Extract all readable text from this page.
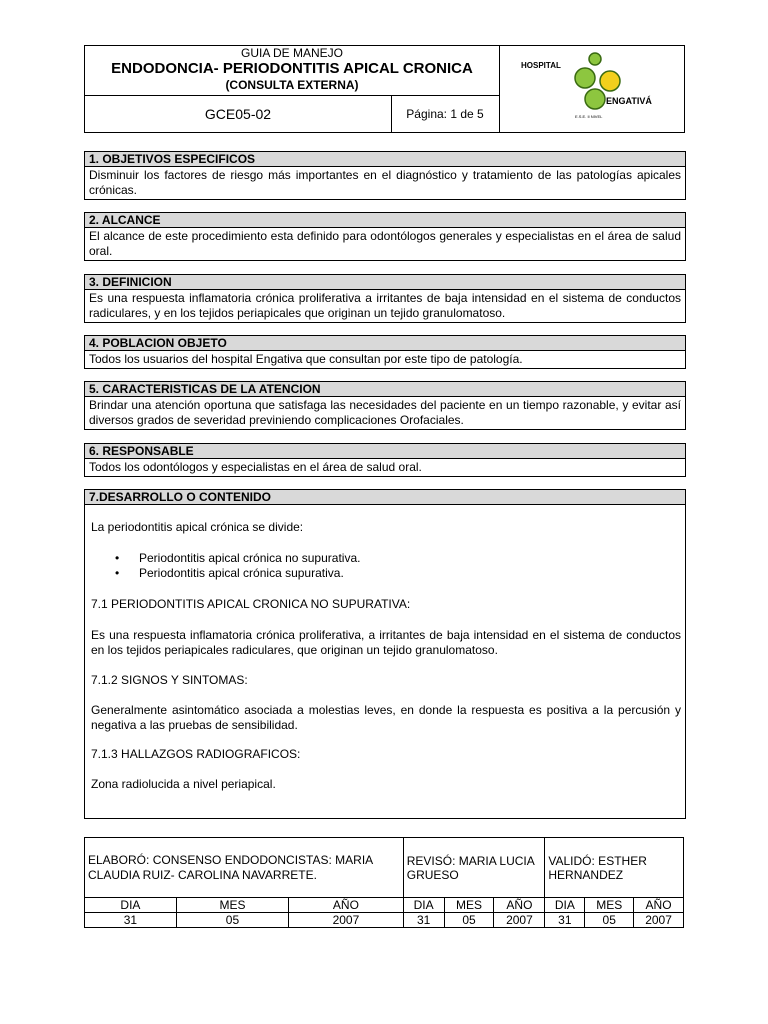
GUIA DE MANEJO
ENDODONCIA- PERIODONTITIS APICAL CRONICA
(CONSULTA EXTERNA)
GCE05-02	Página: 1 de 5
HOSPITAL
ENGATIVÁ
E.S.E. II NIVEL
1. OBJETIVOS ESPECIFICOS
Disminuir los factores de riesgo más importantes en el diagnóstico y tratamiento de las patologías apicales crónicas.
2. ALCANCE
El alcance de este procedimiento esta definido para odontólogos generales y especialistas en el área de salud oral.
3. DEFINICION
Es una respuesta inflamatoria crónica proliferativa a irritantes de baja intensidad en el sistema de conductos radiculares, y en los tejidos periapicales que originan un tejido granulomatoso.
4. POBLACION OBJETO
Todos los usuarios del hospital Engativa que consultan por este tipo de patología.
5. CARACTERISTICAS DE LA ATENCION
Brindar una atención oportuna que satisfaga las necesidades del paciente en un tiempo razonable, y evitar así diversos grados de severidad previniendo complicaciones Orofaciales.
6. RESPONSABLE
Todos los odontólogos y especialistas en el área de salud oral.
7.DESARROLLO O CONTENIDO

La periodontitis apical crónica se divide:

• Periodontitis apical crónica no supurativa.
• Periodontitis apical crónica supurativa.

7.1 PERIODONTITIS APICAL CRONICA NO SUPURATIVA:

Es una respuesta inflamatoria crónica proliferativa, a irritantes de baja intensidad en el sistema de conductos en los tejidos periapicales radiculares, que originan un tejido granulomatoso.

7.1.2 SIGNOS Y SINTOMAS:

Generalmente asintomático asociada a molestias leves, en donde la respuesta es positiva a la percusión y negativa a las pruebas de sensibilidad.

7.1.3 HALLAZGOS RADIOGRAFICOS:

Zona radiolucida a nivel periapical.

ELABORÓ: CONSENSO ENDODONCISTAS: MARIA CLAUDIA RUIZ- CAROLINA NAVARRETE.			REVISÓ: MARIA LUCIA GRUESO			VALIDÓ: ESTHER HERNANDEZ		
DIA	MES	AÑO	DIA	MES	AÑO	DIA	MES	AÑO
31	05	2007	31	05	2007	31	05	2007
